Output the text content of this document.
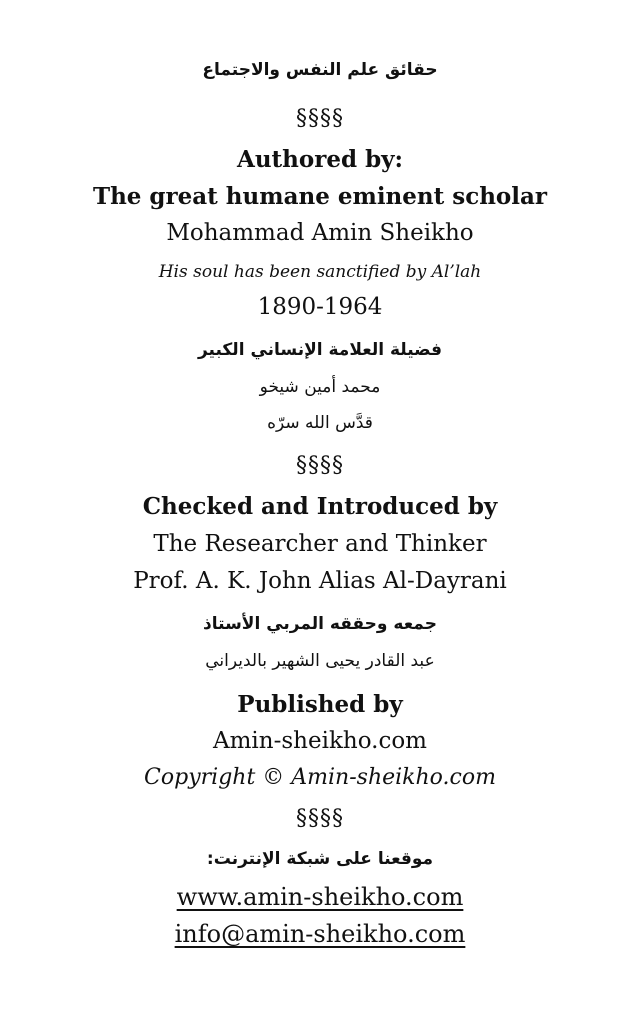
حقائق علم النفس والاجتماع
§§§§
Authored by:
The great humane eminent scholar
Mohammad Amin Sheikho
His soul has been sanctified by Al’lah
1890-1964
فضيلة العلامة الإنساني الكبير
محمد أمين شيخو
قدَّس الله سرّه
§§§§
Checked and Introduced by
The Researcher and Thinker
Prof. A. K. John Alias Al-Dayrani
جمعه وحققه المربي الأستاذ
عبد القادر يحيى الشهير بالديراني
Published by
Amin-sheikho.com
Copyright © Amin-sheikho.com
§§§§
موقعنا على شبكة الإنترنت:
www.amin-sheikho.com
info@amin-sheikho.com
